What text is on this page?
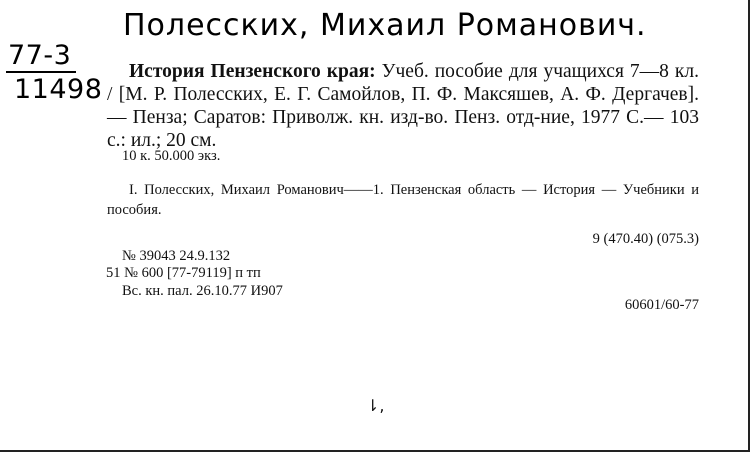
Полесских, Михаил Романович.
77-3
11498
История Пензенского края: Учеб. пособие для учащихся 7—8 кл. / [М. Р. Полесских, Е. Г. Самойлов, П. Ф. Максяшев, А. Ф. Дергачев].— Пенза; Саратов: Приволж. кн. изд-во. Пенз. отд-ние, 1977 С.— 103 с.: ил.; 20 см.
10 к. 50.000 экз.
I. Полесских, Михаил Романович——1. Пензенская область — История — Учебники и пособия.
9 (470.40) (075.3)
№ 39043 24.9.132
51 № 600 [77-79119] п тп
Вс. кн. пал. 26.10.77 И907
60601/60-77
⇂,
